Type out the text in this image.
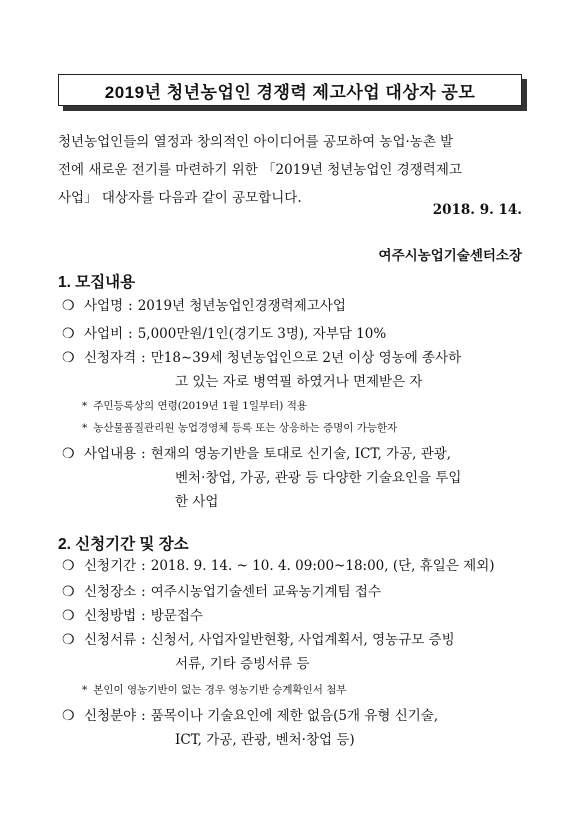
2019년 청년농업인 경쟁력 제고사업 대상자 공모

청년농업인들의 열정과 창의적인 아이디어를 공모하여 농업·농촌 발

전에 새로운 전기를 마련하기 위한 「2019년 청년농업인 경쟁력제고

사업」 대상자를 다음과 같이 공모합니다.

2018. 9. 14.
여주시농업기술센터소장
1. 모집내용
❍ 사업명 : 2019년 청년농업인경쟁력제고사업
❍ 사업비 : 5,000만원/1인(경기도 3명), 자부담 10%
❍ 신청자격 : 만18∼39세 청년농업인으로 2년 이상 영농에 종사하
고 있는 자로 병역필 하였거나 면제받은 자
* 주민등록상의 연령(2019년 1월 1일부터) 적용
* 농산물품질관리원 농업경영체 등록 또는 상응하는 증명이 가능한자
❍ 사업내용 : 현재의 영농기반을 토대로 신기술, ICT, 가공, 관광,
벤처·창업, 가공, 관광 등 다양한 기술요인을 투입
한 사업
2. 신청기간 및 장소
❍ 신청기간 : 2018. 9. 14. ~ 10. 4. 09:00~18:00, (단, 휴일은 제외)
❍ 신청장소 : 여주시농업기술센터 교육농기계팀 접수
❍ 신청방법 : 방문접수
❍ 신청서류 : 신청서, 사업자일반현황, 사업계획서, 영농규모 증빙
서류, 기타 증빙서류 등
* 본인이 영농기반이 없는 경우 영농기반 승계확인서 첨부
❍ 신청분야 : 품목이나 기술요인에 제한 없음(5개 유형 신기술,
ICT, 가공, 관광, 벤처·창업 등)
